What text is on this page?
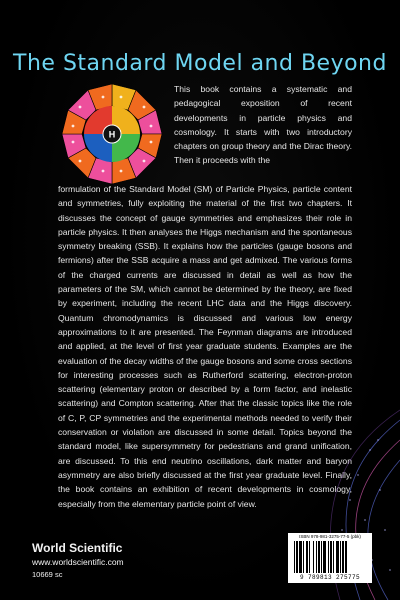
The Standard Model and Beyond
H

This book contains a systematic and pedagogical exposition of recent developments in particle physics and cosmology. It starts with two introductory chapters on group theory and the Dirac theory. Then it proceeds with the

formulation of the Standard Model (SM) of Particle Physics, particle content and symmetries, fully exploiting the material of the first two chapters. It discusses the concept of gauge symmetries and emphasizes their role in particle physics. It then analyses the Higgs mechanism and the spontaneous symmetry breaking (SSB). It explains how the particles (gauge bosons and fermions) after the SSB acquire a mass and get admixed. The various forms of the charged currents are discussed in detail as well as how the parameters of the SM, which cannot be determined by the theory, are fixed by experiment, including the recent LHC data and the Higgs discovery. Quantum chromodynamics is discussed and various low energy approximations to it are presented. The Feynman diagrams are introduced and applied, at the level of first year graduate students. Examples are the evaluation of the decay widths of the gauge bosons and some cross sections for interesting processes such as Rutherford scattering, electron-proton scattering (elementary proton or described by a form factor, and inelastic scattering) and Compton scattering. After that the classic topics like the role of C, P, CP symmetries and the experimental methods needed to verify their conservation or violation are discussed in some detail. Topics beyond the standard model, like supersymmetry for pedestrians and grand unification, are discussed. To this end neutrino oscillations, dark matter and baryon asymmetry are also briefly discussed at the first year graduate level. Finally, the book contains an exhibition of recent developments in cosmology, especially from the elementary particle point of view.

World Scientific
www.worldscientific.com
10669 sc
ISBN 978-981-3275-77-5 (pbk)
9 789813 275775
